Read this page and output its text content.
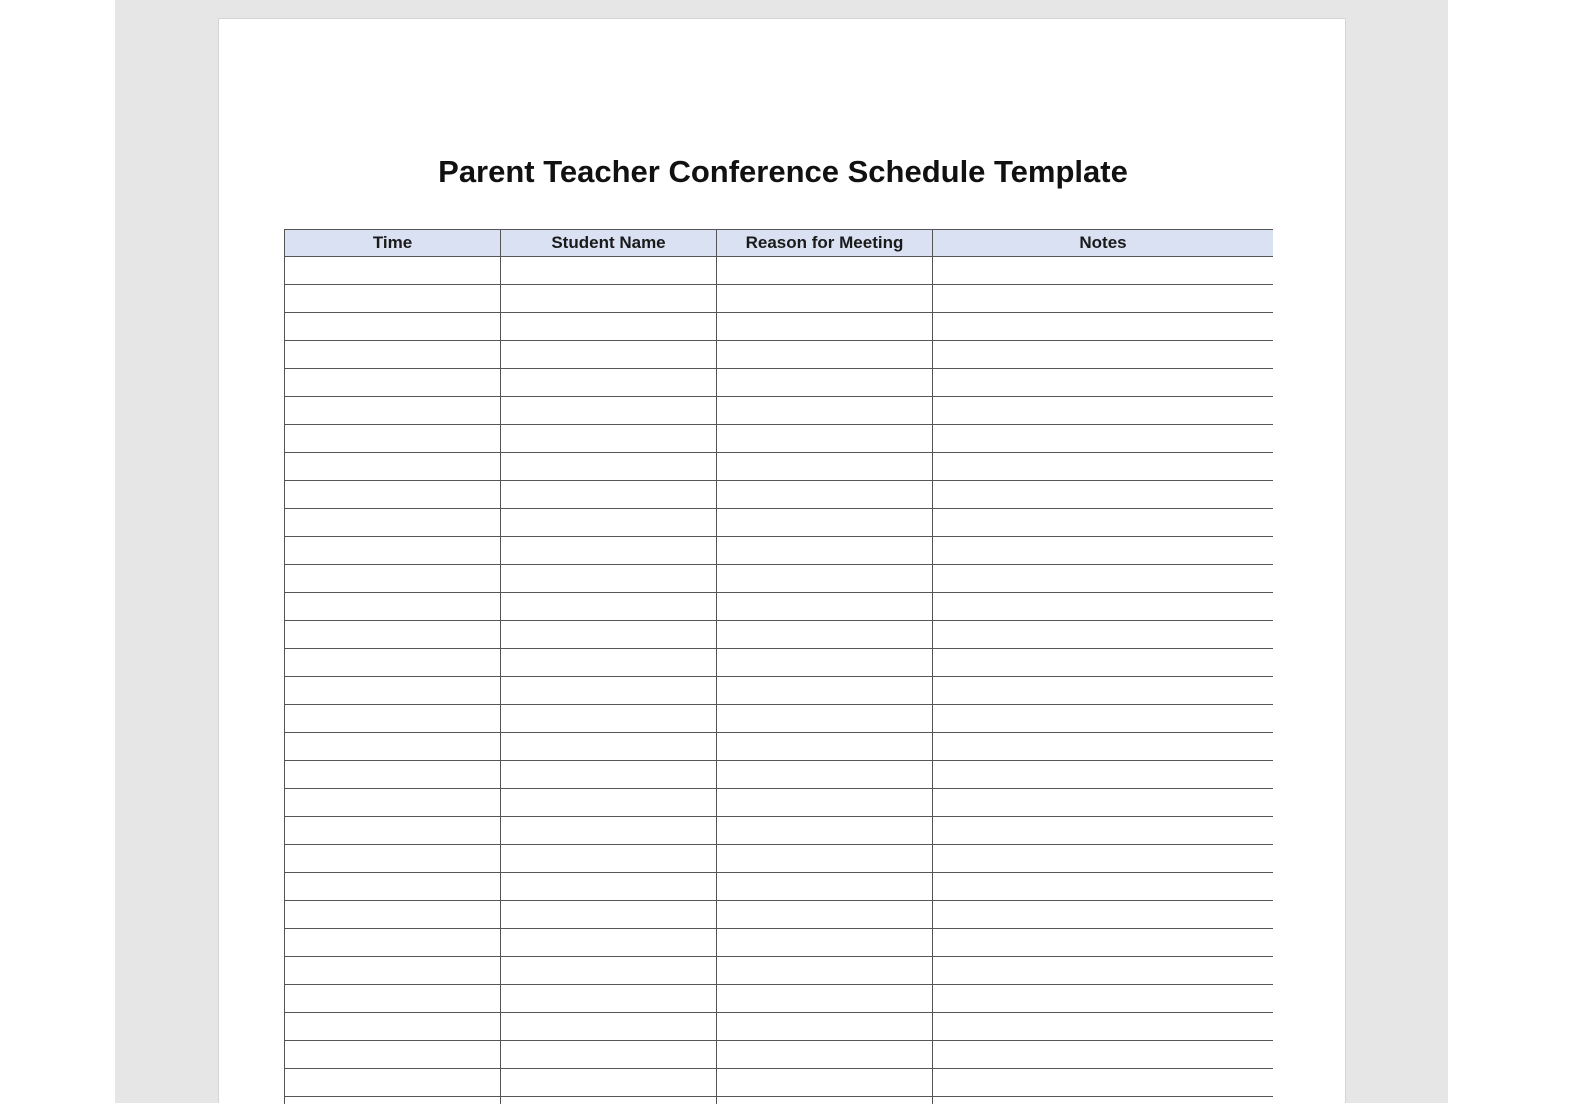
Parent Teacher Conference Schedule Template
Time	Student Name	Reason for Meeting	Notes
